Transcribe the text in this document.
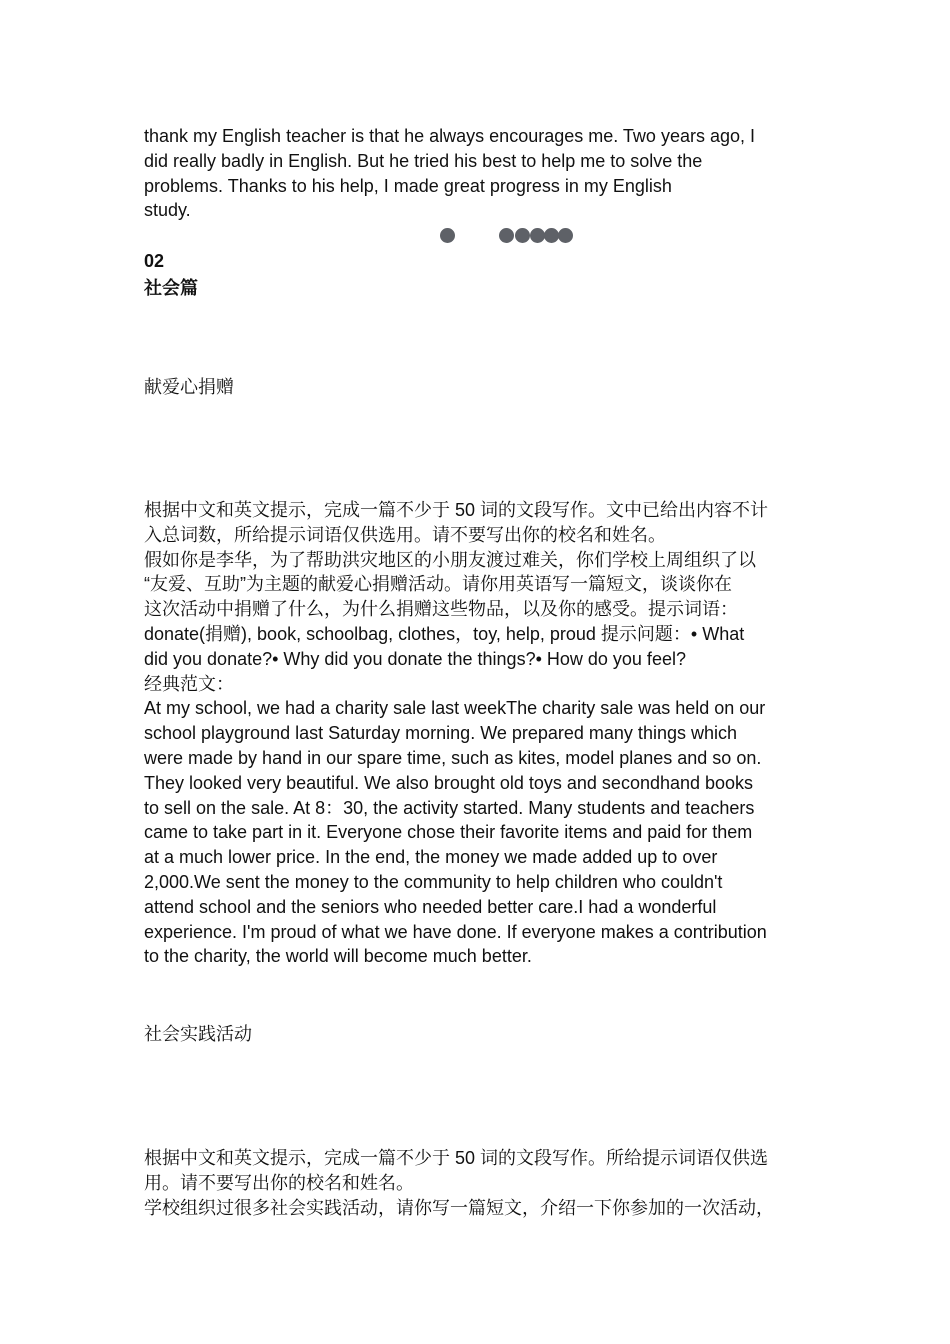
thank my English teacher is that he always encourages me. Two years ago, I
did really badly in English. But he tried his best to help me to solve the
problems. Thanks to his help, I made great progress in my English
study.
02
社会篇
献爱心捐赠
根据中文和英文提示，完成一篇不少于 50 词的文段写作。文中已给出内容不计
入总词数，所给提示词语仅供选用。请不要写出你的校名和姓名。
假如你是李华，为了帮助洪灾地区的小朋友渡过难关，你们学校上周组织了以
“友爱、互助”为主题的献爱心捐赠活动。请你用英语写一篇短文，谈谈你在
这次活动中捐赠了什么，为什么捐赠这些物品，以及你的感受。提示词语：
donate(捐赠), book, schoolbag, clothes，toy, help, proud 提示问题：• What
did you donate?• Why did you donate the things?• How do you feel?
经典范文：
At my school, we had a charity sale last weekThe charity sale was held on our
school playground last Saturday morning. We prepared many things which
were made by hand in our spare time, such as kites, model planes and so on.
They looked very beautiful. We also brought old toys and secondhand books
to sell on the sale. At 8：30, the activity started. Many students and teachers
came to take part in it. Everyone chose their favorite items and paid for them
at a much lower price. In the end, the money we made added up to over
2,000.We sent the money to the community to help children who couldn't
attend school and the seniors who needed better care.I had a wonderful
experience. I'm proud of what we have done. If everyone makes a contribution
to the charity, the world will become much better.
社会实践活动
根据中文和英文提示，完成一篇不少于 50 词的文段写作。所给提示词语仅供选
用。请不要写出你的校名和姓名。
学校组织过很多社会实践活动，请你写一篇短文，介绍一下你参加的一次活动，
